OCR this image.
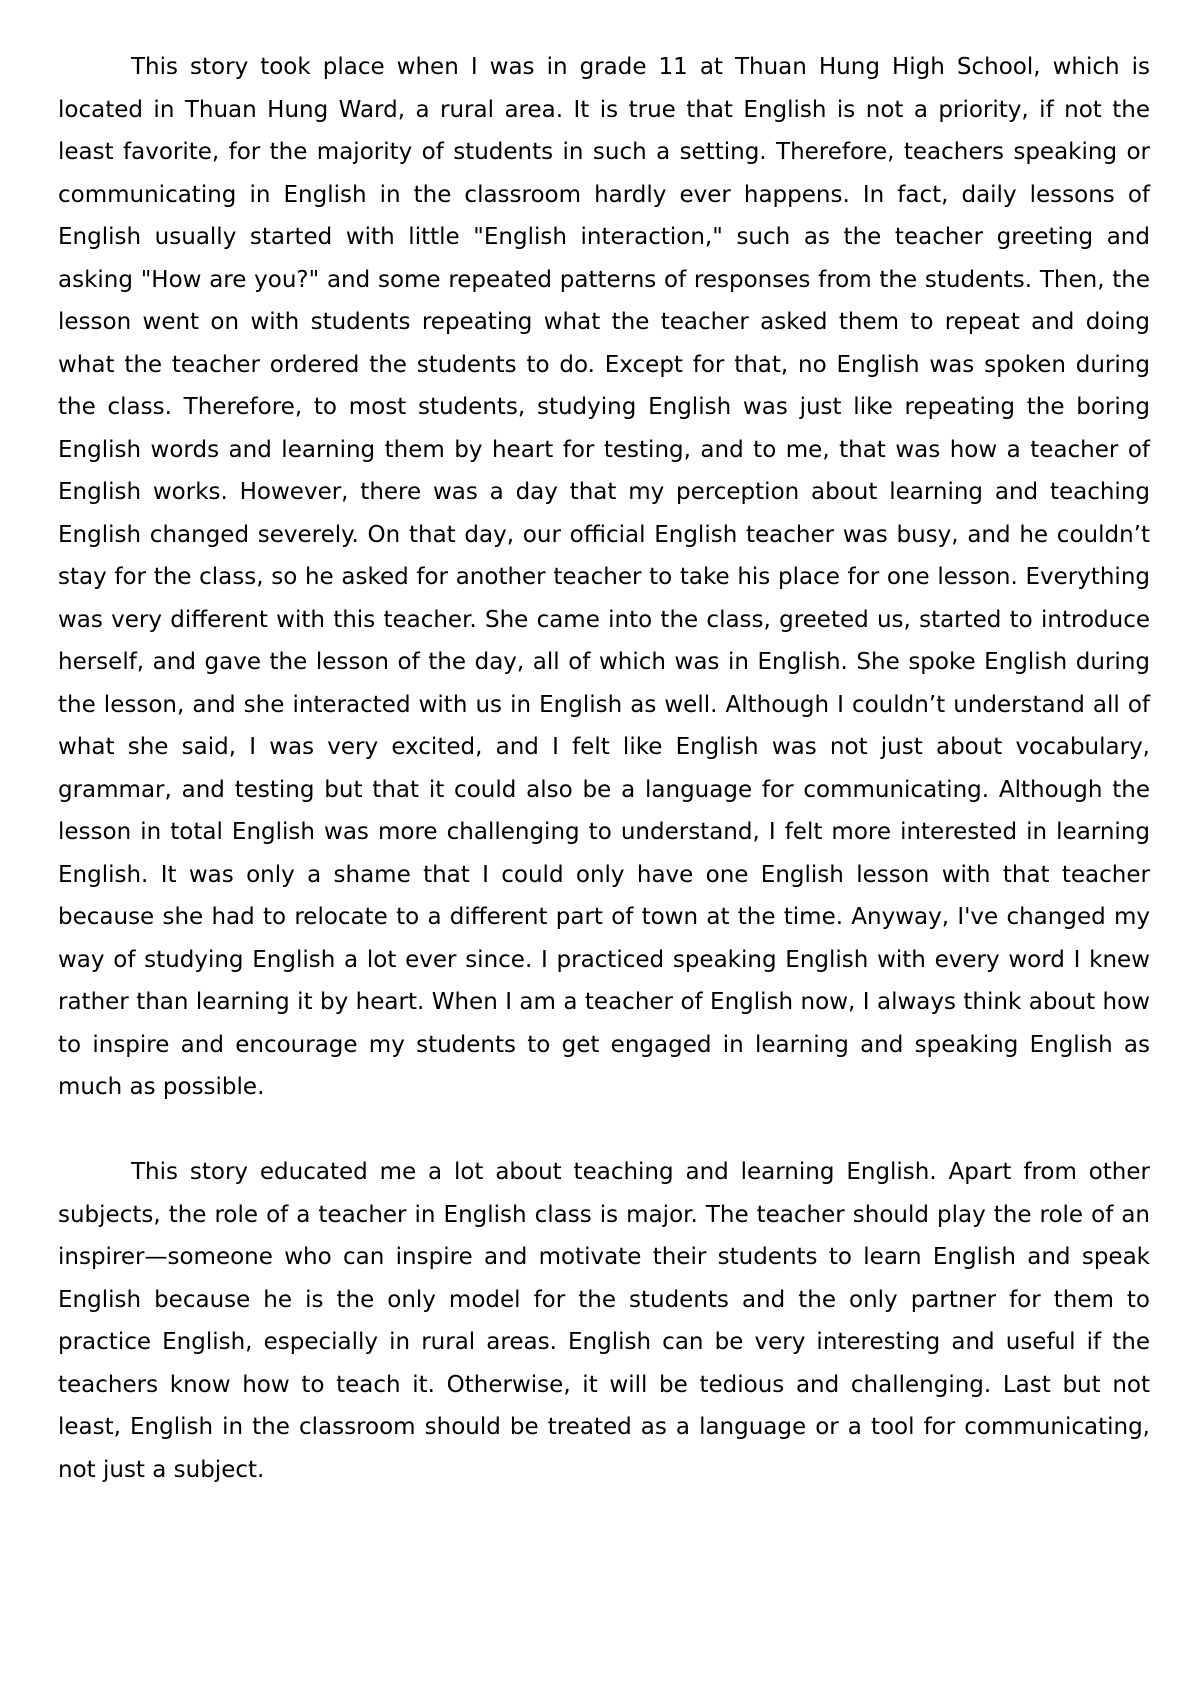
This story took place when I was in grade 11 at Thuan Hung High School, which is located in Thuan Hung Ward, a rural area. It is true that English is not a priority, if not the least favorite, for the majority of students in such a setting. Therefore, teachers speaking or communicating in English in the classroom hardly ever happens. In fact, daily lessons of English usually started with little "English interaction," such as the teacher greeting and asking "How are you?" and some repeated patterns of responses from the students. Then, the lesson went on with students repeating what the teacher asked them to repeat and doing what the teacher ordered the students to do. Except for that, no English was spoken during the class. Therefore, to most students, studying English was just like repeating the boring English words and learning them by heart for testing, and to me, that was how a teacher of English works. However, there was a day that my perception about learning and teaching English changed severely. On that day, our official English teacher was busy, and he couldn’t stay for the class, so he asked for another teacher to take his place for one lesson. Everything was very different with this teacher. She came into the class, greeted us, started to introduce herself, and gave the lesson of the day, all of which was in English. She spoke English during the lesson, and she interacted with us in English as well. Although I couldn’t understand all of what she said, I was very excited, and I felt like English was not just about vocabulary, grammar, and testing but that it could also be a language for communicating. Although the lesson in total English was more challenging to understand, I felt more interested in learning English. It was only a shame that I could only have one English lesson with that teacher because she had to relocate to a different part of town at the time. Anyway, I've changed my way of studying English a lot ever since. I practiced speaking English with every word I knew rather than learning it by heart. When I am a teacher of English now, I always think about how to inspire and encourage my students to get engaged in learning and speaking English as much as possible.

This story educated me a lot about teaching and learning English. Apart from other subjects, the role of a teacher in English class is major. The teacher should play the role of an inspirer—someone who can inspire and motivate their students to learn English and speak English because he is the only model for the students and the only partner for them to practice English, especially in rural areas. English can be very interesting and useful if the teachers know how to teach it. Otherwise, it will be tedious and challenging. Last but not least, English in the classroom should be treated as a language or a tool for communicating, not just a subject.
